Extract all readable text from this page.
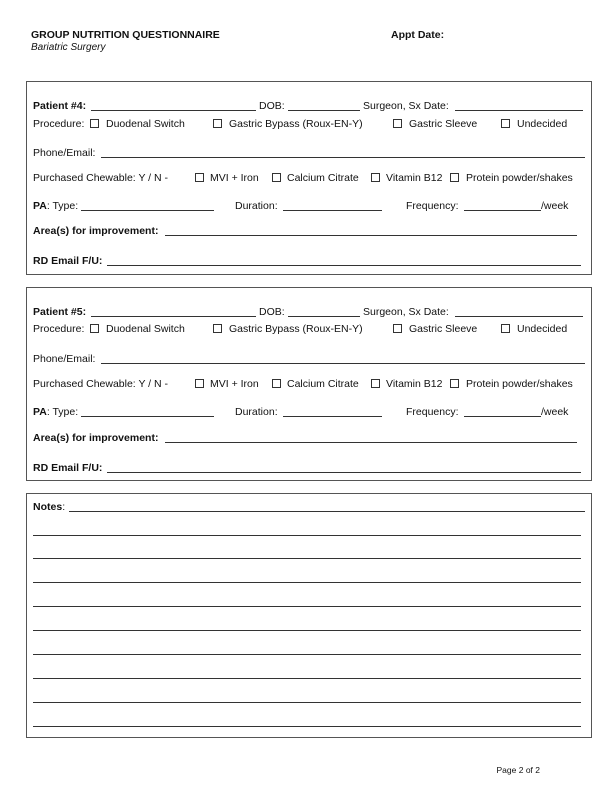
GROUP NUTRITION QUESTIONNAIRE
Bariatric Surgery
Appt Date:
Patient #4:	DOB:	Surgeon, Sx Date:
Procedure: Duodenal Switch	Gastric Bypass (Roux-EN-Y)	Gastric Sleeve	Undecided
Phone/Email:
Purchased Chewable: Y / N -	MVI + Iron	Calcium Citrate	Vitamin B12 Protein powder/shakes
PA: Type:	Duration:	Frequency:	/week
Area(s) for improvement:
RD Email F/U:
Patient #5:	DOB:	Surgeon, Sx Date:
Procedure: Duodenal Switch	Gastric Bypass (Roux-EN-Y)	Gastric Sleeve	Undecided
Phone/Email:
Purchased Chewable: Y / N -	MVI + Iron	Calcium Citrate	Vitamin B12 Protein powder/shakes
PA: Type:	Duration:	Frequency:	/week
Area(s) for improvement:
RD Email F/U:
Notes:
Page 2 of 2
